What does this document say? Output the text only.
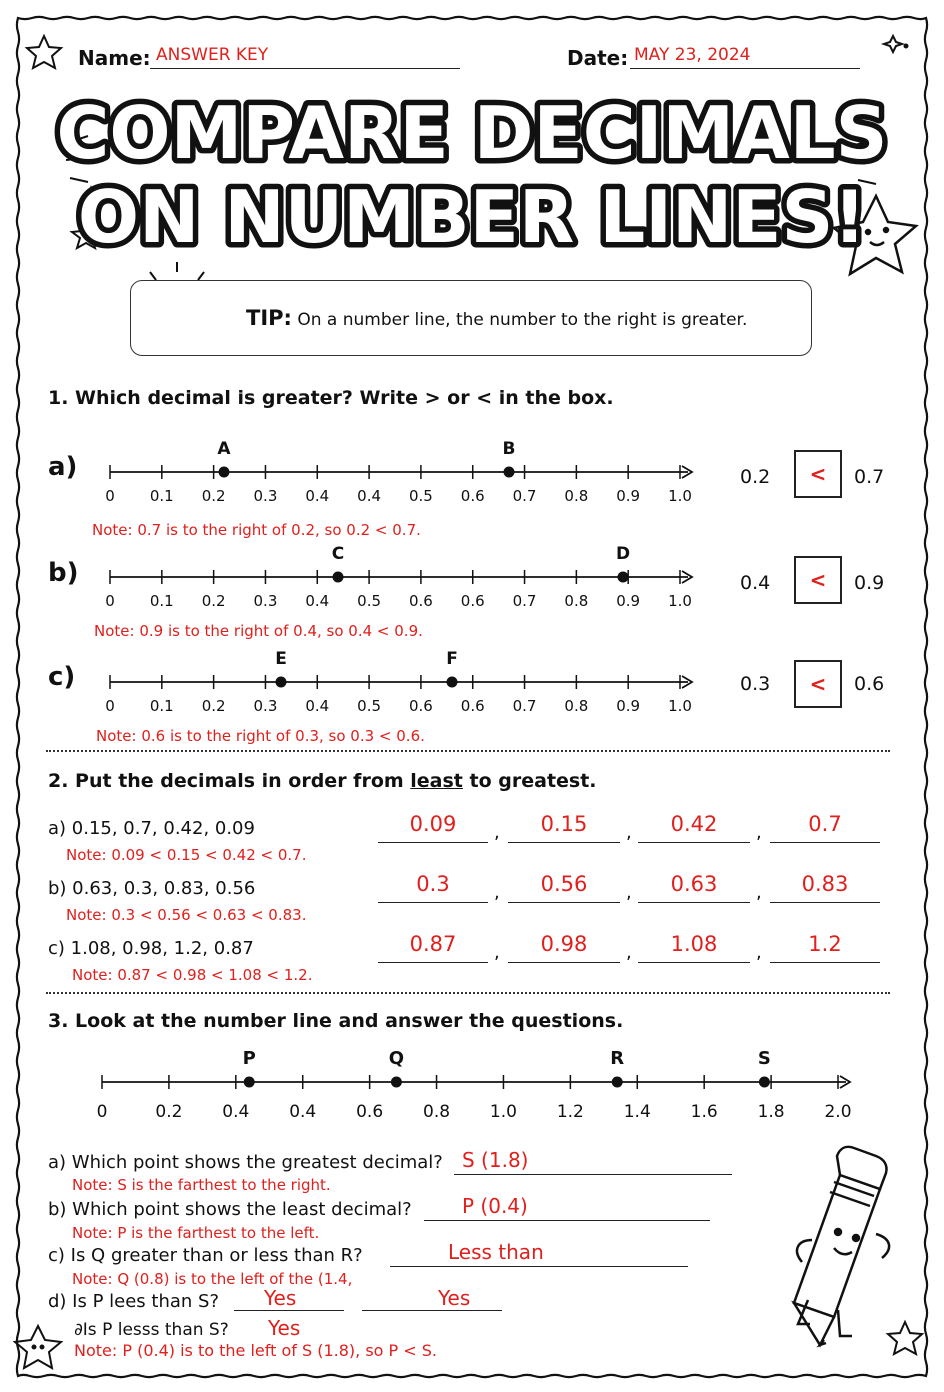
Name: ANSWER KEY	Date: MAY 23, 2024
COMPARE DECIMALS
ON NUMBER LINES!
TIP: On a number line, the number to the right is greater.
1. Which decimal is greater? Write > or < in the box.
0 0.1 0.2 0.3 0.4 0.4 0.5 0.6 0.7 0.8 0.9 1.0
A	B
0 0.1 0.2 0.3 0.4 0.5 0.6 0.6 0.7 0.8 0.9 1.0
C	D
0 0.1 0.2 0.3 0.4 0.5 0.6 0.6 0.7 0.8 0.9 1.0
E	F
a)	0.2	<	0.7
Note: 0.7 is to the right of 0.2, so 0.2 < 0.7.
b)	0.4	<	0.9
Note: 0.9 is to the right of 0.4, so 0.4 < 0.9.
c)	0.3	<	0.6
Note: 0.6 is to the right of 0.3, so 0.3 < 0.6.
2. Put the decimals in order from least to greatest.
a) 0.15, 0.7, 0.42, 0.09
Note: 0.09 < 0.15 < 0.42 < 0.7.
0.09	,	0.15	,	0.42	,	0.7
b) 0.63, 0.3, 0.83, 0.56
Note: 0.3 < 0.56 < 0.63 < 0.83.
0.3	,	0.56	,	0.63	,	0.83
c) 1.08, 0.98, 1.2, 0.87
Note: 0.87 < 0.98 < 1.08 < 1.2.
0.87	,	0.98	,	1.08	,	1.2
3. Look at the number line and answer the questions.
0	0.2 0.4 0.4 0.6 0.8 1.0 1.2 1.4 1.6 1.8 2.0
P	Q	R	S
a) Which point shows the greatest decimal? S (1.8)
Note: S is the farthest to the right.
b) Which point shows the least decimal?	P (0.4)
Note: P is the farthest to the left.
c) Is Q greater than or less than R?	Less than
Note: Q (0.8) is to the left of the (1.4,
d) Is P lees than S? Yes	Yes
∂Is P lesss than S? Yes
Note: P (0.4) is to the left of S (1.8), so P < S.
